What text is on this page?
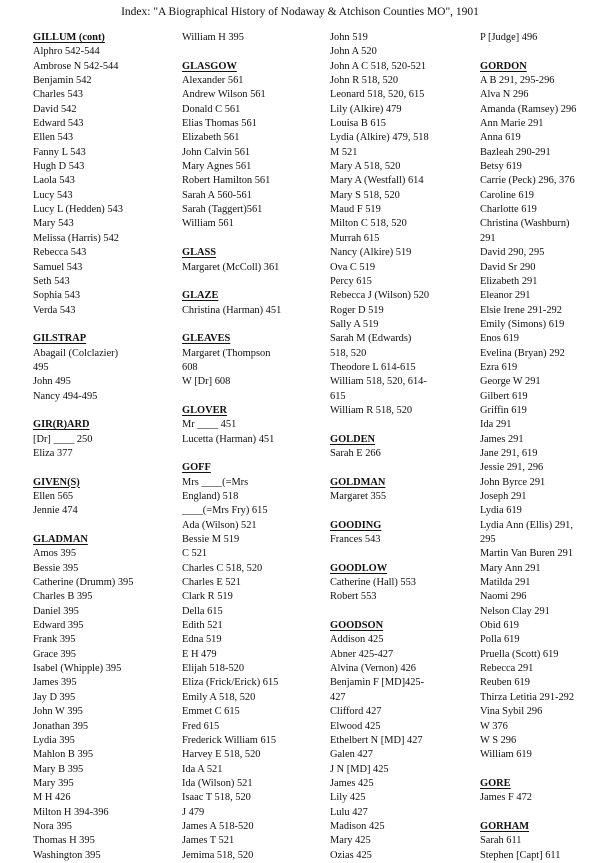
Index: "A Biographical History of Nodaway & Atchison Counties MO", 1901
GILLUM (cont)
Alphro 542-544
Ambrose N 542-544
Benjamin 542
Charles 543
David 542
Edward 543
Ellen 543
Fanny L 543
Hugh D 543
Laola 543
Lucy 543
Lucy L (Hedden) 543
Mary 543
Melissa (Harris) 542
Rebecca 543
Samuel 543
Seth 543
Sophia 543
Verda 543
GILSTRAP
Abagail (Colclazier)
495
John 495
Nancy 494-495
GIR(R)ARD
[Dr] ____ 250
Eliza 377
GIVEN(S)
Ellen 565
Jennie 474
GLADMAN
Amos 395
Bessie 395
Catherine (Drumm) 395
Charles B 395
Daniel 395
Edward 395
Frank 395
Grace 395
Isabel (Whipple) 395
James 395
Jay D 395
John W 395
Jonathan 395
Lydia 395
Mahlon B 395
Mary B 395
Mary 395
M H 426
Milton H 394-396
Nora 395
Thomas H 395
Washington 395
William H 395
GLASGOW
Alexander 561
Andrew Wilson 561
Donald C 561
Elias Thomas 561
Elizabeth 561
John Calvin 561
Mary Agnes 561
Robert Hamilton 561
Sarah A 560-561
Sarah (Taggert)561
William 561
GLASS
Margaret (McColl) 361
GLAZE
Christina (Harman) 451
GLEAVES
Margaret (Thompson
608
W [Dr] 608
GLOVER
Mr ____ 451
Lucetta (Harman) 451
GOFF
Mrs ____(=Mrs
England) 518
____(=Mrs Fry) 615
Ada (Wilson) 521
Bessie M 519
C 521
Charles C 518, 520
Charles E 521
Clark R 519
Della 615
Edith 521
Edna 519
E H 479
Elijah 518-520
Eliza (Frick/Erick) 615
Emily A 518, 520
Emmet C 615
Fred 615
Frederick William 615
Harvey E 518, 520
Ida A 521
Ida (Wilson) 521
Isaac T 518, 520
J 479
James A 518-520
James T 521
Jemima 518, 520
John 519
John A 520
John A C 518, 520-521
John R 518, 520
Leonard 518, 520, 615
Lily (Alkire) 479
Louisa B 615
Lydia (Alkire) 479, 518
M 521
Mary A 518, 520
Mary A (Westfall) 614
Mary S 518, 520
Maud F 519
Milton C 518, 520
Murrah 615
Nancy (Alkire) 519
Ova C 519
Percy 615
Rebecca J (Wilson) 520
Roger D 519
Sally A 519
Sarah M (Edwards)
518, 520
Theodore L 614-615
William 518, 520, 614-
615
William R 518, 520
GOLDEN
Sarah E 266
GOLDMAN
Margaret 355
GOODING
Frances 543
GOODLOW
Catherine (Hall) 553
Robert 553
GOODSON
Addison 425
Abner 425-427
Alvina (Vernon) 426
Benjamin F [MD]425-
427
Clifford 427
Elwood 425
Ethelbert N [MD] 427
Galen 427
J N [MD] 425
James 425
Lily 425
Lulu 427
Madison 425
Mary 425
Ozias 425
P [Judge] 496
GORDON
A B 291, 295-296
Alva N 296
Amanda (Ramsey) 296
Ann Marie 291
Anna 619
Bazleah 290-291
Betsy 619
Carrie (Peck) 296, 376
Caroline 619
Charlotte 619
Christina (Washburn)
291
David 290, 295
David Sr 290
Elizabeth 291
Eleanor 291
Elsie Irene 291-292
Emily (Simons) 619
Enos 619
Evelina (Bryan) 292
Ezra 619
George W 291
Gilbert 619
Griffin 619
Ida 291
James 291
Jane 291, 619
Jessie 291, 296
John Byrce 291
Joseph 291
Lydia 619
Lydia Ann (Ellis) 291,
295
Martin Van Buren 291
Mary Ann 291
Matilda 291
Naomi 296
Nelson Clay 291
Obid 619
Polla 619
Pruella (Scott) 619
Rebecca 291
Reuben 619
Thirza Letitia 291-292
Vina Sybil 296
W 376
W S 296
William 619
GORE
James F 472
GORHAM
Sarah 611
Stephen [Capt] 611
